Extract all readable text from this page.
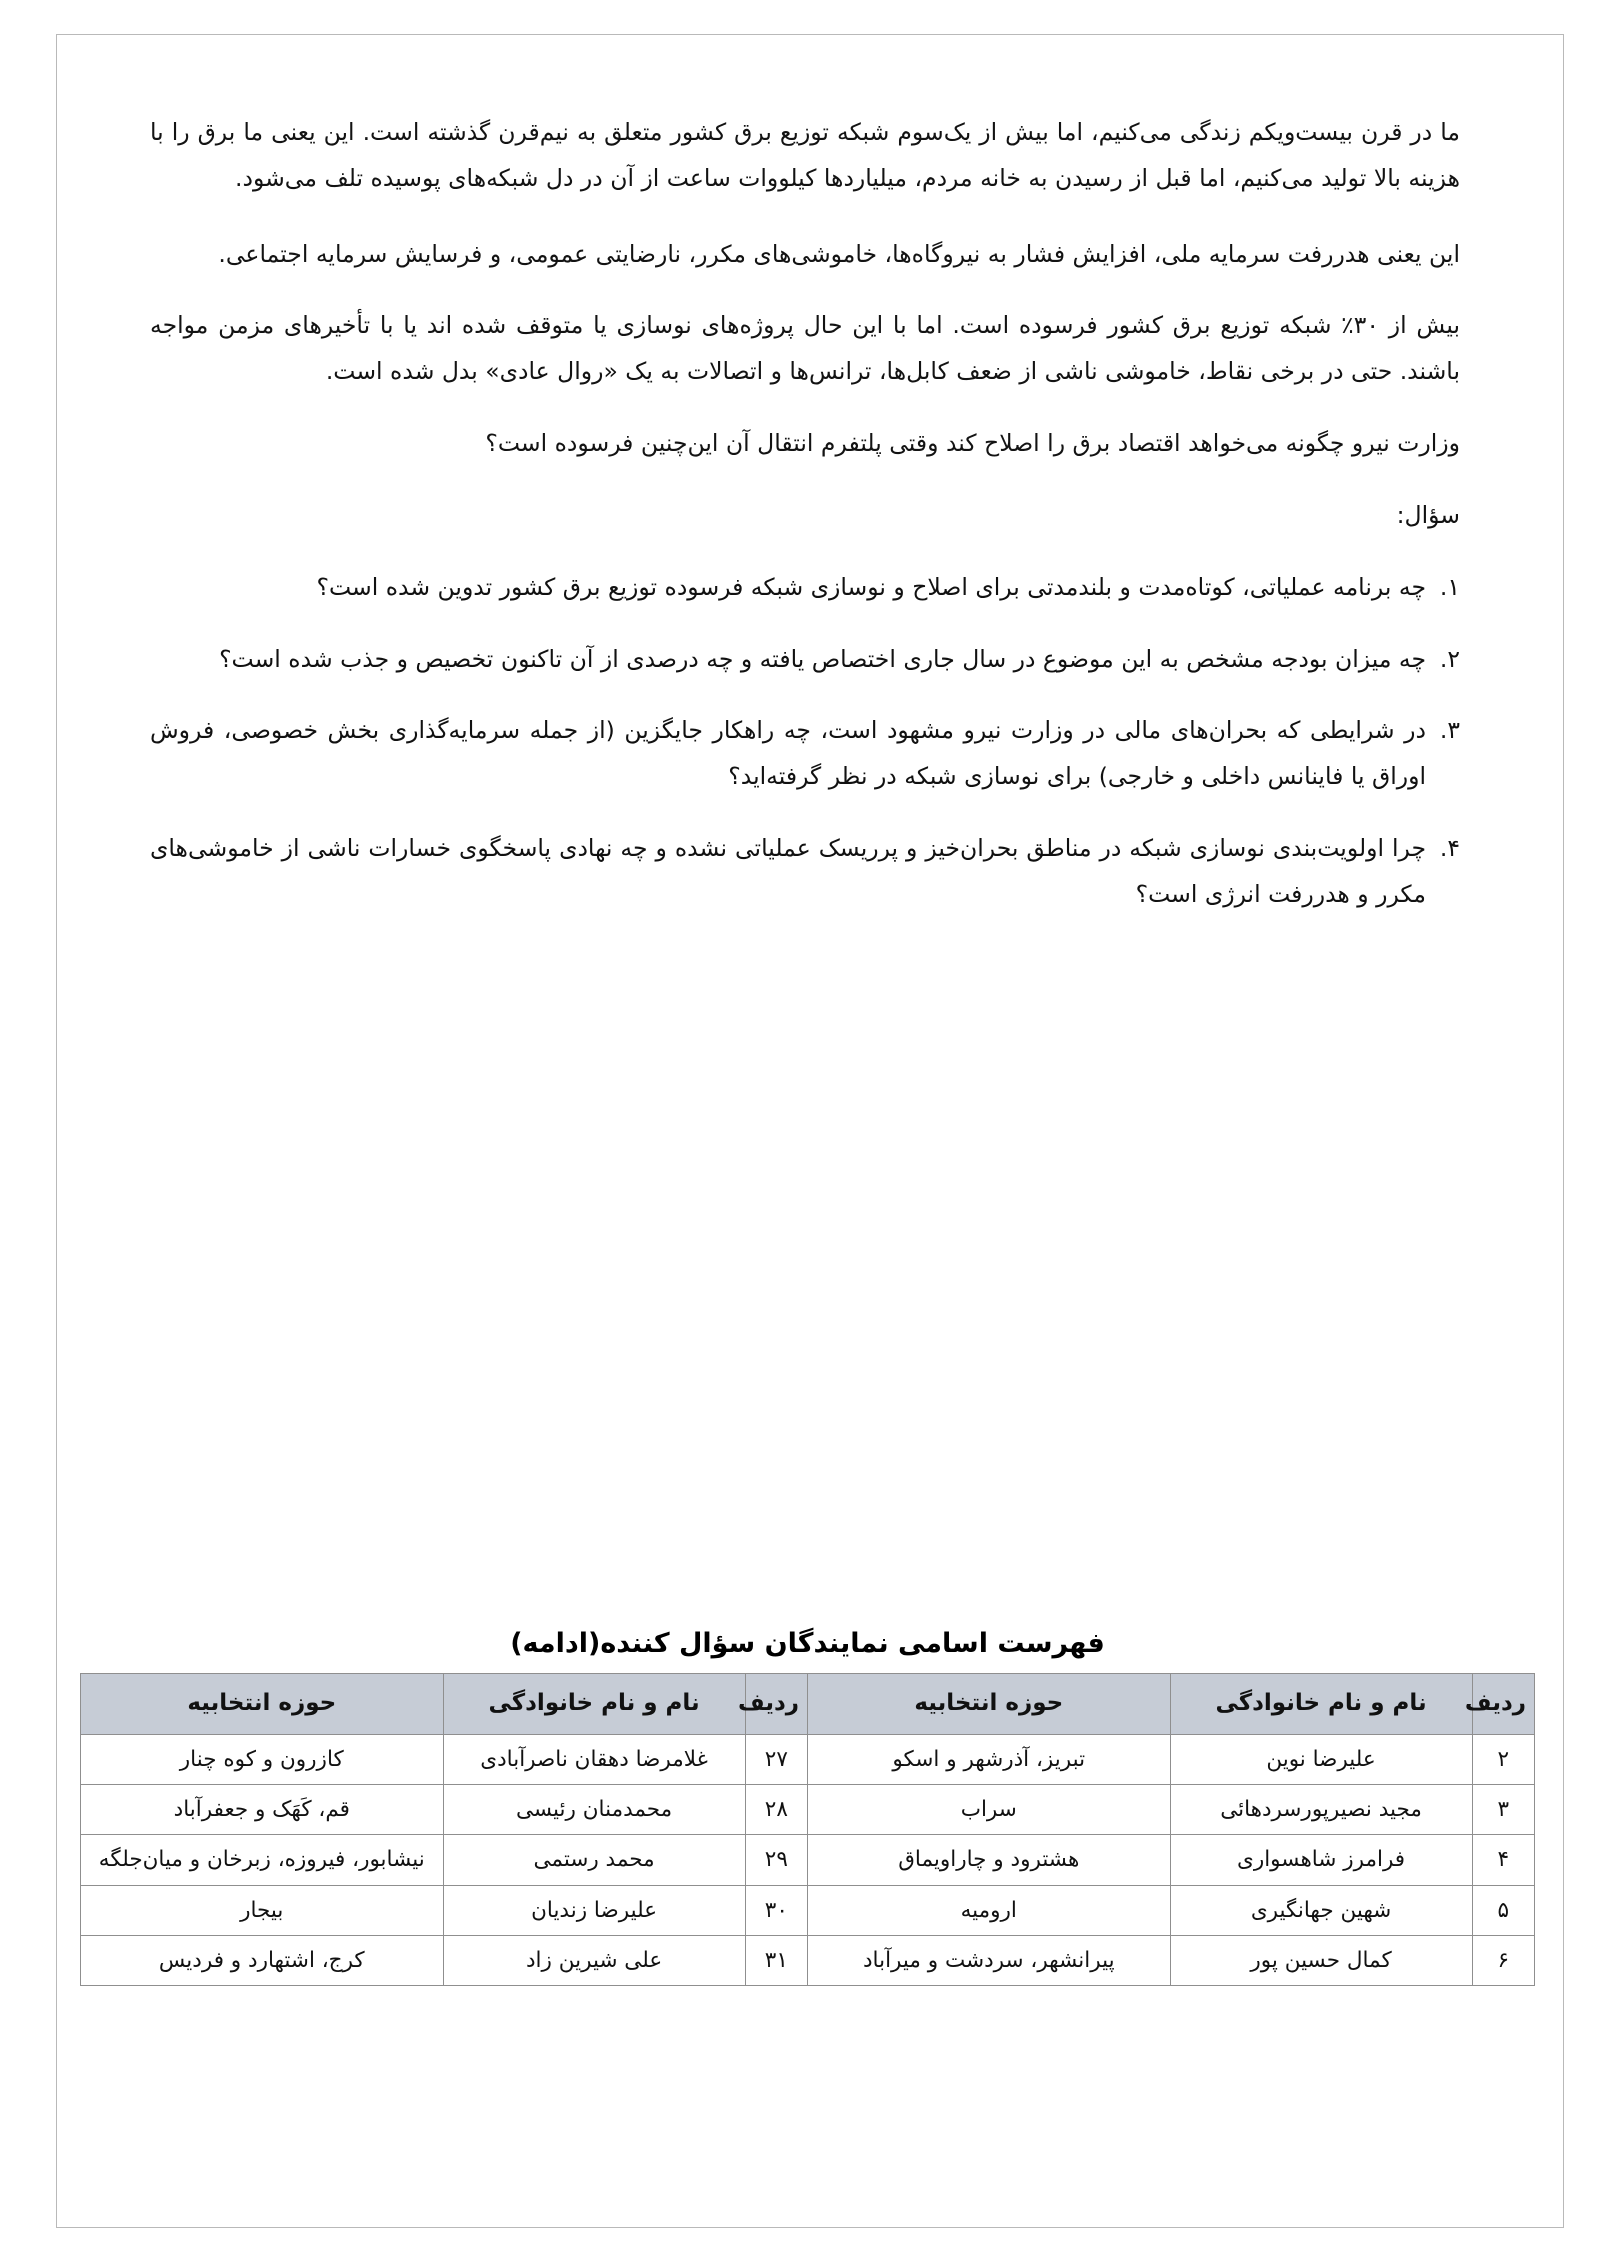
ما در قرن بیست‌ویکم زندگی می‌کنیم، اما بیش از یک‌سوم شبکه توزیع برق کشور متعلق به نیم‌قرن گذشته است. این یعنی ما برق را با هزینه بالا تولید می‌کنیم، اما قبل از رسیدن به خانه مردم، میلیاردها کیلووات ساعت از آن در دل شبکه‌های پوسیده تلف می‌شود.

این یعنی هدررفت سرمایه ملی، افزایش فشار به نیروگاه‌ها، خاموشی‌های مکرر، نارضایتی عمومی، و فرسایش سرمایه اجتماعی.

بیش از ۳۰٪ شبکه توزیع برق کشور فرسوده است. اما با این حال پروژه‌های نوسازی یا متوقف شده اند یا با تأخیرهای مزمن مواجه باشند. حتی در برخی نقاط، خاموشی ناشی از ضعف کابل‌ها، ترانس‌ها و اتصالات به یک «روال عادی» بدل شده است.

وزارت نیرو چگونه می‌خواهد اقتصاد برق را اصلاح کند وقتی پلتفرم انتقال آن این‌چنین فرسوده است؟

سؤال:

۱.
چه برنامه عملیاتی، کوتاه‌مدت و بلندمدتی برای اصلاح و نوسازی شبکه فرسوده توزیع برق کشور تدوین شده است؟
۲.
چه میزان بودجه مشخص به این موضوع در سال جاری اختصاص یافته و چه درصدی از آن تاکنون تخصیص و جذب شده است؟
۳.
در شرایطی که بحران‌های مالی در وزارت نیرو مشهود است، چه راهکار جایگزین (از جمله سرمایه‌گذاری بخش خصوصی، فروش اوراق یا فاینانس داخلی و خارجی) برای نوسازی شبکه در نظر گرفته‌اید؟
۴.
چرا اولویت‌بندی نوسازی شبکه در مناطق بحران‌خیز و پرریسک عملیاتی نشده و چه نهادی پاسخگوی خسارات ناشی از خاموشی‌های مکرر و هدررفت انرژی است؟
فهرست اسامی نمایندگان سؤال کننده(ادامه)
ردیف	نام و نام خانوادگی	حوزه انتخابیه	ردیف	نام و نام خانوادگی	حوزه انتخابیه
۲	علیرضا نوین	تبریز، آذرشهر و اسکو	۲۷	غلامرضا دهقان ناصرآبادی	کازرون و کوه چنار
۳	مجید نصیرپورسردهائی	سراب	۲۸	محمدمنان رئیسی	قم، کَهَک و جعفرآباد
۴	فرامرز شاهسواری	هشترود و چاراویماق	۲۹	محمد رستمی	نیشابور، فیروزه، زبرخان و میان‌جلگه
۵	شهین جهانگیری	ارومیه	۳۰	علیرضا زندیان	بیجار
۶	کمال حسین پور	پیرانشهر، سردشت و میرآباد	۳۱	علی شیرین زاد	کرج، اشتهارد و فردیس
